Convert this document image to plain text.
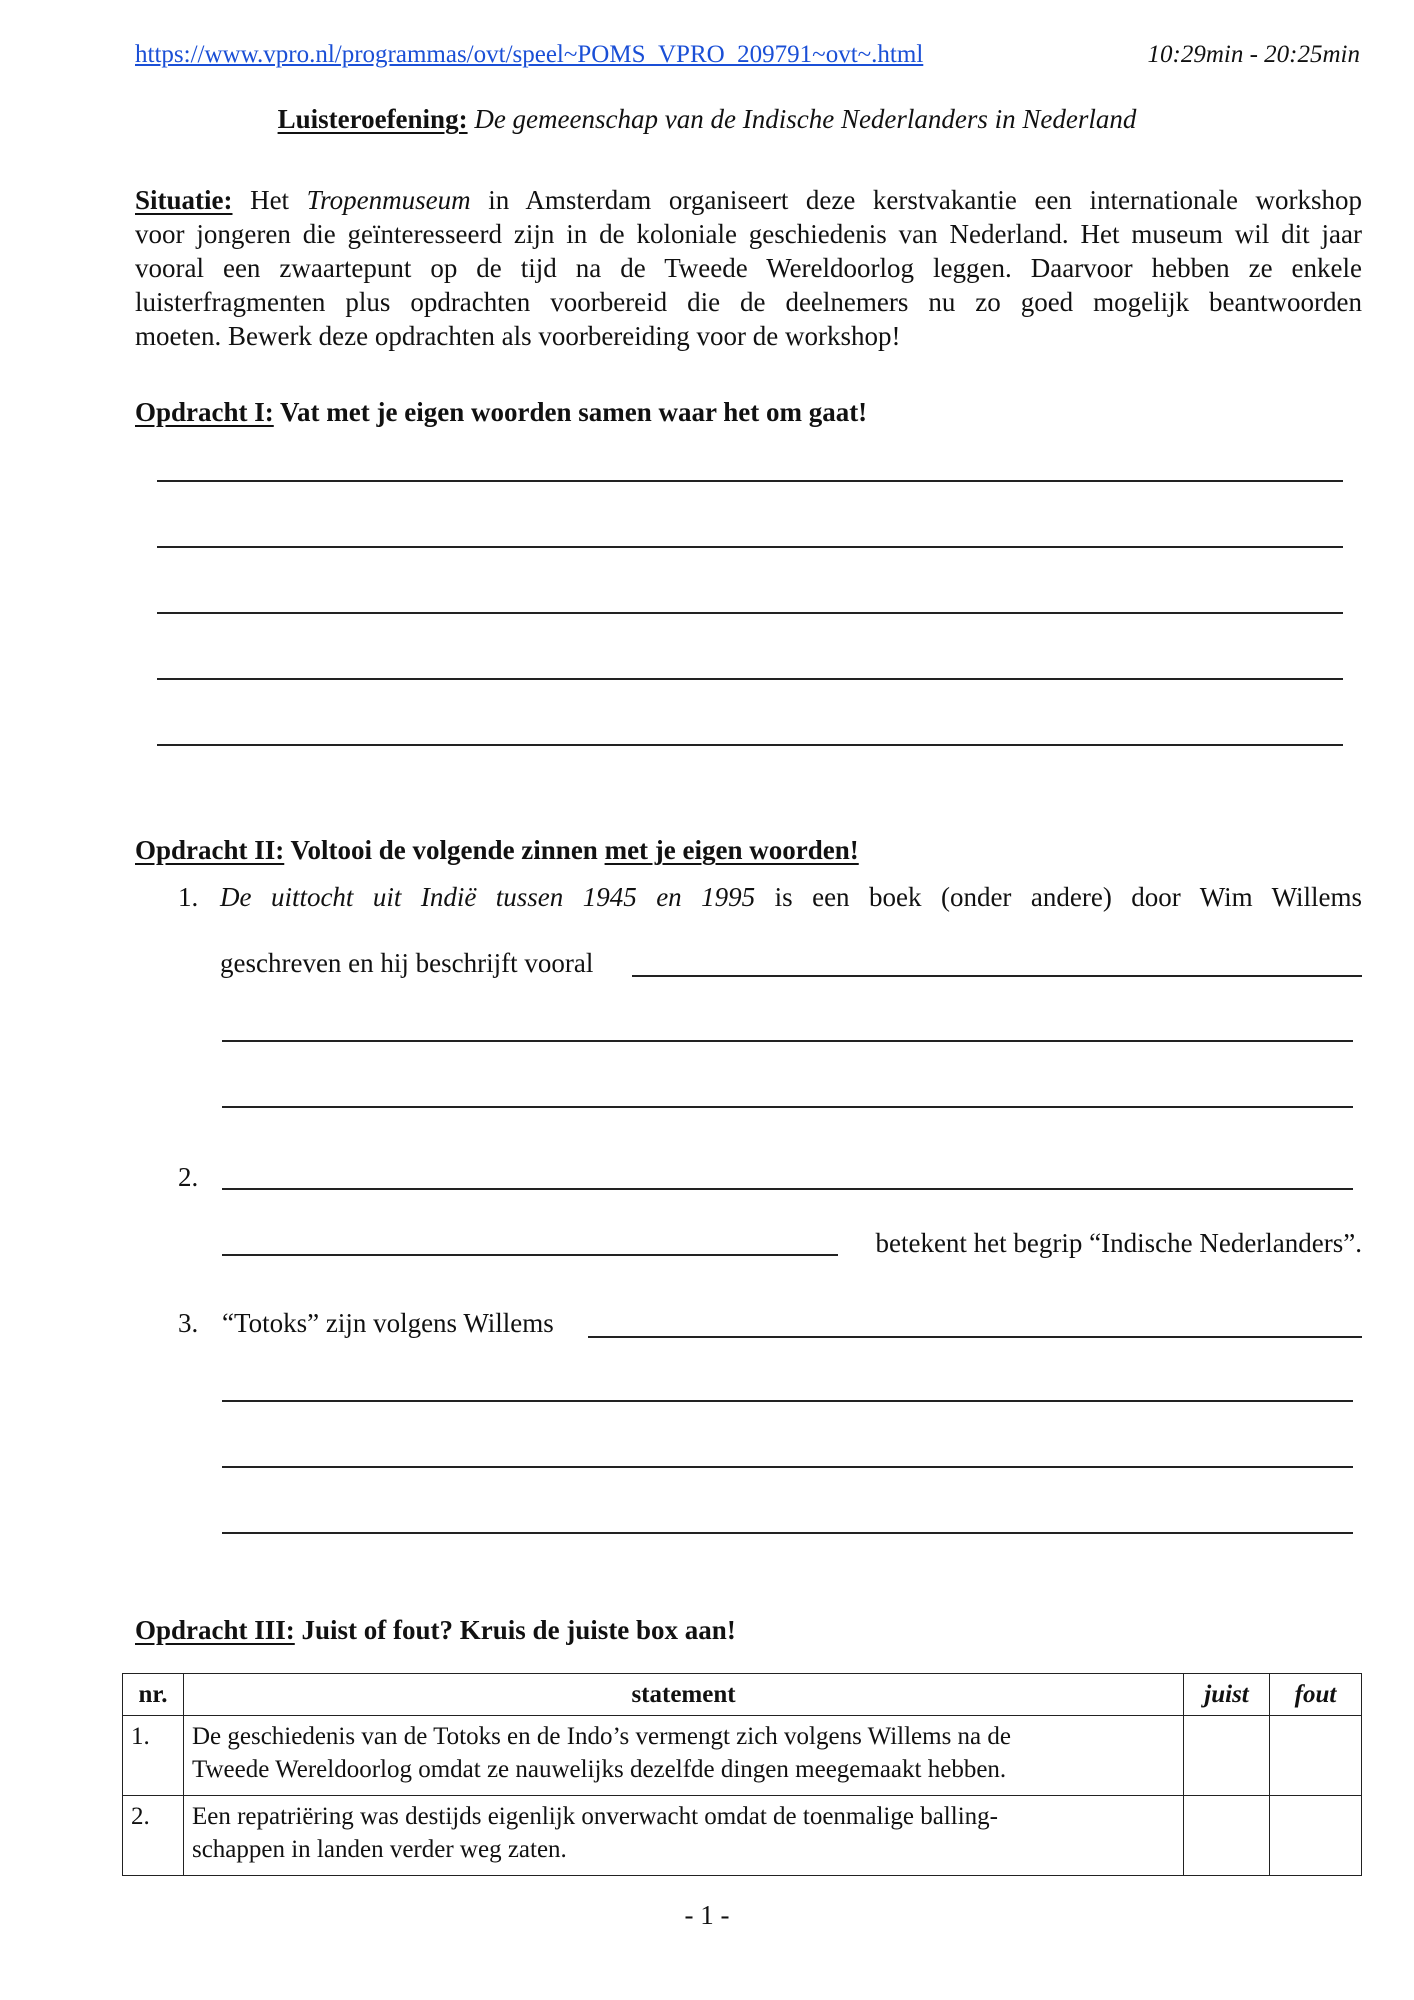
https://www.vpro.nl/programmas/ovt/speel~POMS_VPRO_209791~ovt~.html	10:29min - 20:25min
Luisteroefening: De gemeenschap van de Indische Nederlanders in Nederland
Situatie: Het Tropenmuseum in Amsterdam organiseert deze kerstvakantie een internationale workshop
voor jongeren die geïnteresseerd zijn in de koloniale geschiedenis van Nederland. Het museum wil dit jaar
vooral een zwaartepunt op de tijd na de Tweede Wereldoorlog leggen. Daarvoor hebben ze enkele
luisterfragmenten plus opdrachten voorbereid die de deelnemers nu zo goed mogelijk beantwoorden
moeten. Bewerk deze opdrachten als voorbereiding voor de workshop!
Opdracht I: Vat met je eigen woorden samen waar het om gaat!
Opdracht II: Voltooi de volgende zinnen met je eigen woorden!
1. De uittocht uit Indië tussen 1945 en 1995 is een boek (onder andere) door Wim Willems
geschreven en hij beschrijft vooral
2.
betekent het begrip “Indische Nederlanders”.
3. “Totoks” zijn volgens Willems
Opdracht III: Juist of fout? Kruis de juiste box aan!
nr.	statement	juist	fout
1.	De geschiedenis van de Totoks en de Indo’s vermengt zich volgens Willems na de
Tweede Wereldoorlog omdat ze nauwelijks dezelfde dingen meegemaakt hebben.		

2.	Een repatriëring was destijds eigenlijk onverwacht omdat de toenmalige balling-
schappen in landen verder weg zaten.		

- 1 -
